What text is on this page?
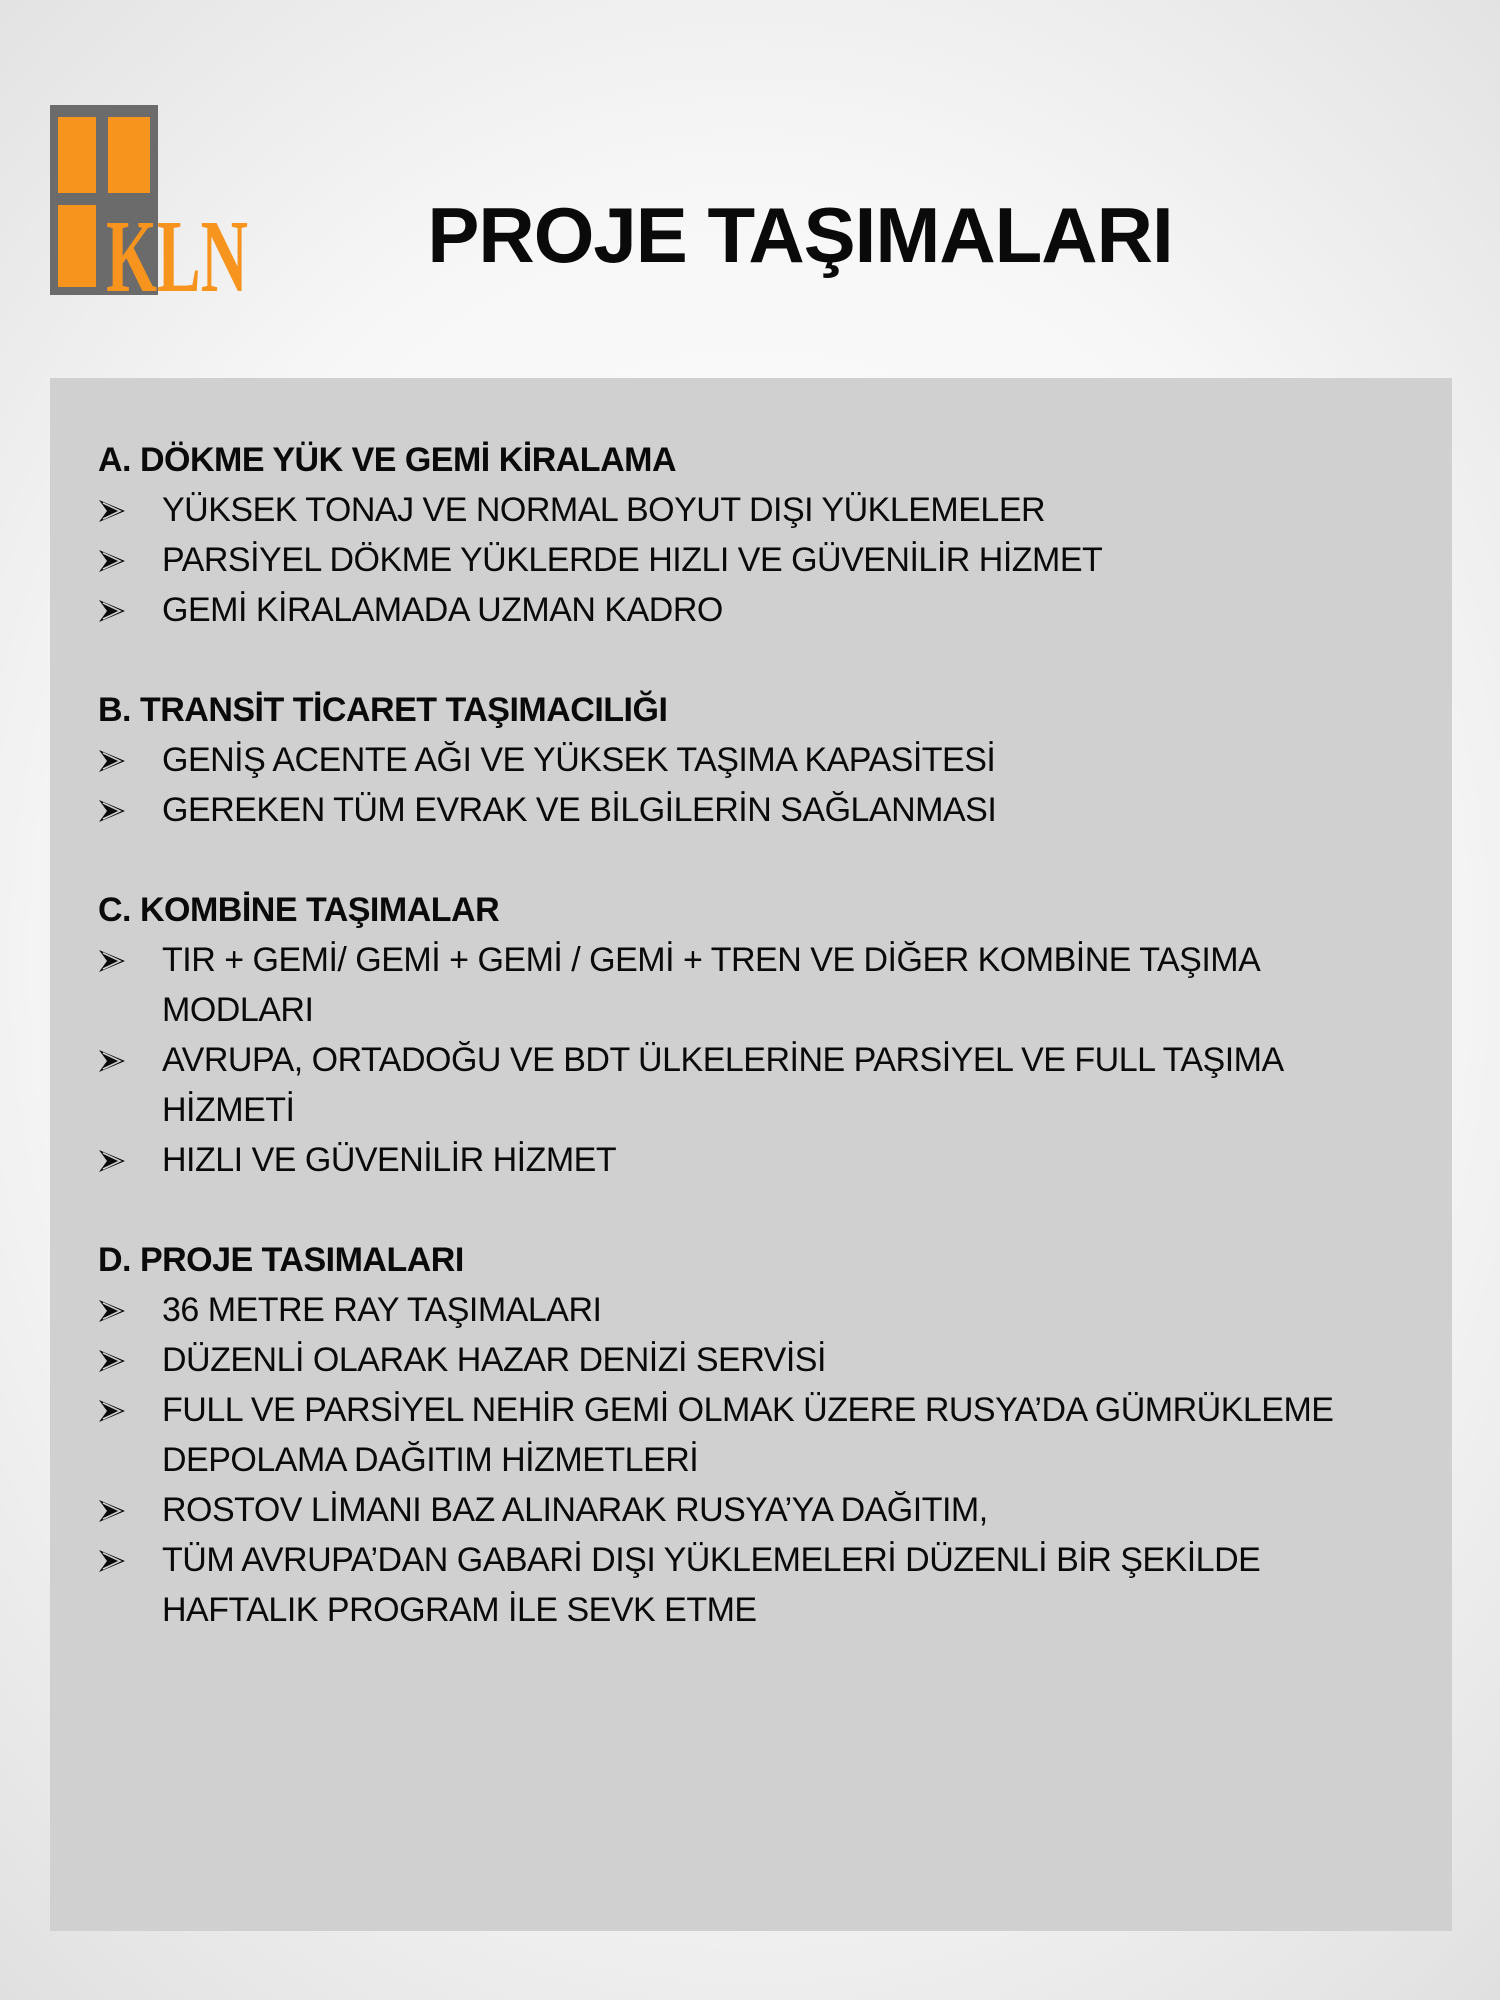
KLN	PROJE TAŞIMALARI
A. DÖKME YÜK VE GEMİ KİRALAMA
YÜKSEK TONAJ VE NORMAL BOYUT DIŞI YÜKLEMELER
PARSİYEL DÖKME YÜKLERDE HIZLI VE GÜVENİLİR HİZMET
GEMİ KİRALAMADA UZMAN KADRO
B. TRANSİT TİCARET TAŞIMACILIĞI
GENİŞ ACENTE AĞI VE YÜKSEK TAŞIMA KAPASİTESİ
GEREKEN TÜM EVRAK VE BİLGİLERİN SAĞLANMASI
C. KOMBİNE TAŞIMALAR
TIR + GEMİ/ GEMİ + GEMİ / GEMİ + TREN VE DİĞER KOMBİNE TAŞIMA MODLARI
AVRUPA, ORTADOĞU VE BDT ÜLKELERİNE PARSİYEL VE FULL TAŞIMA HİZMETİ
HIZLI VE GÜVENİLİR HİZMET
D. PROJE TASIMALARI
36 METRE RAY TAŞIMALARI
DÜZENLİ OLARAK HAZAR DENİZİ SERVİSİ
FULL VE PARSİYEL NEHİR GEMİ OLMAK ÜZERE RUSYA’DA GÜMRÜKLEME DEPOLAMA DAĞITIM HİZMETLERİ
ROSTOV LİMANI BAZ ALINARAK RUSYA’YA DAĞITIM,
TÜM AVRUPA’DAN GABARİ DIŞI YÜKLEMELERİ DÜZENLİ BİR ŞEKİLDE HAFTALIK PROGRAM İLE SEVK ETME
